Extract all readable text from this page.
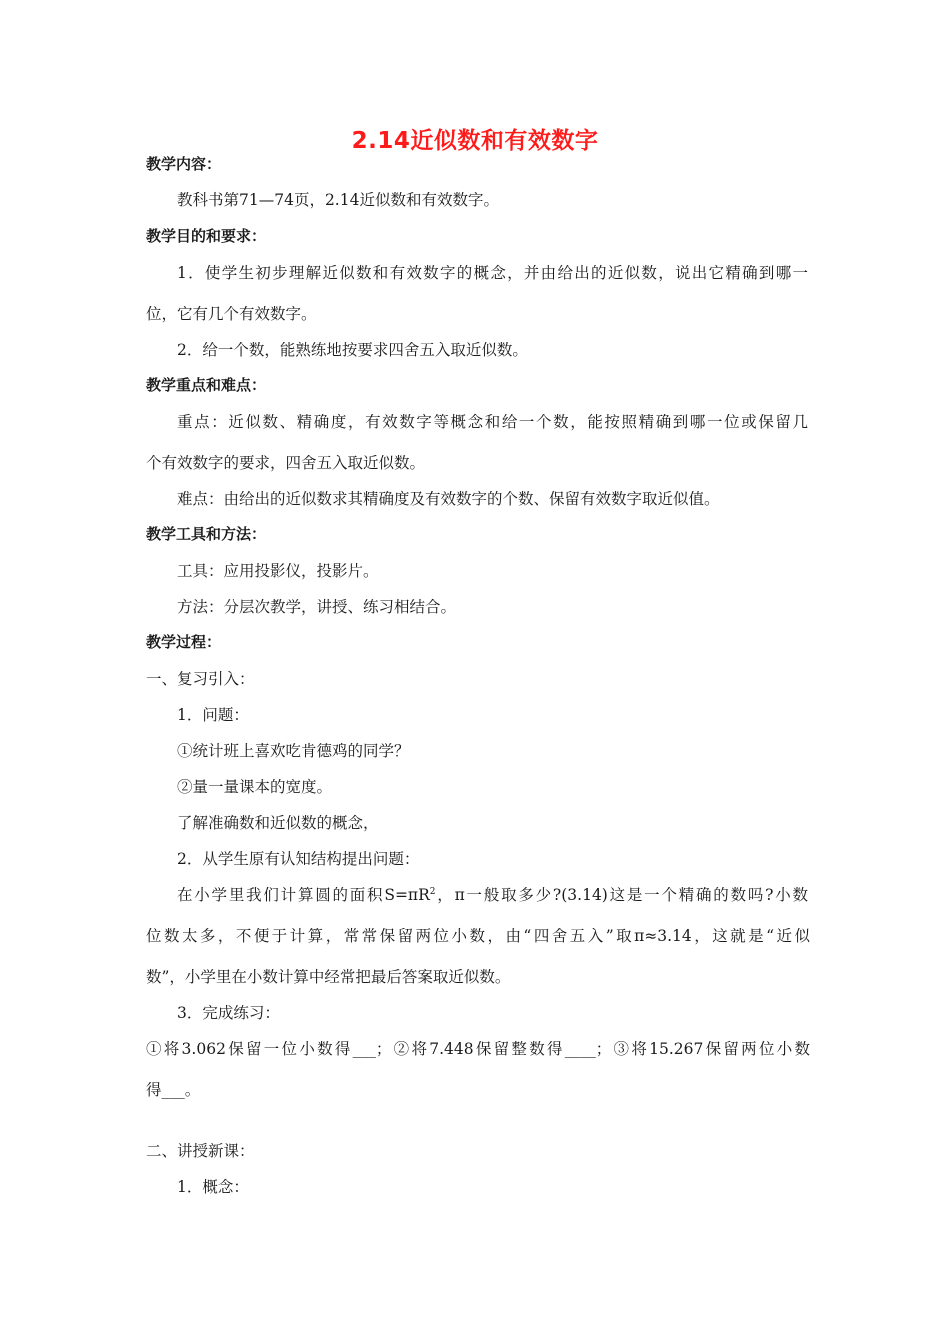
2.14近似数和有效数字
教学内容：
教科书第71—74页，2.14近似数和有效数字。
教学目的和要求：
1．使学生初步理解近似数和有效数字的概念，并由给出的近似数，说出它精确到哪一
位，它有几个有效数字。
2．给一个数，能熟练地按要求四舍五入取近似数。
教学重点和难点：
重点：近似数、精确度，有效数字等概念和给一个数，能按照精确到哪一位或保留几
个有效数字的要求，四舍五入取近似数。
难点：由给出的近似数求其精确度及有效数字的个数、保留有效数字取近似值。
教学工具和方法：
工具：应用投影仪，投影片。
方法：分层次教学，讲授、练习相结合。
教学过程：
一、复习引入：
1．问题：
①统计班上喜欢吃肯德鸡的同学？
②量一量课本的宽度。
了解准确数和近似数的概念，
2．从学生原有认知结构提出问题：
在小学里我们计算圆的面积$S=\pi R^2$，π一般取多少?(3.14)这是一个精确的数吗?小数
位数太多，不便于计算，常常保留两位小数，由“四舍五入”取π≈3.14，这就是“近似
数”，小学里在小数计算中经常把最后答案取近似数。
3．完成练习：
①将3.062保留一位小数得___；②将7.448保留整数得____；③将15.267保留两位小数
得___。
二、讲授新课：
1．概念：
